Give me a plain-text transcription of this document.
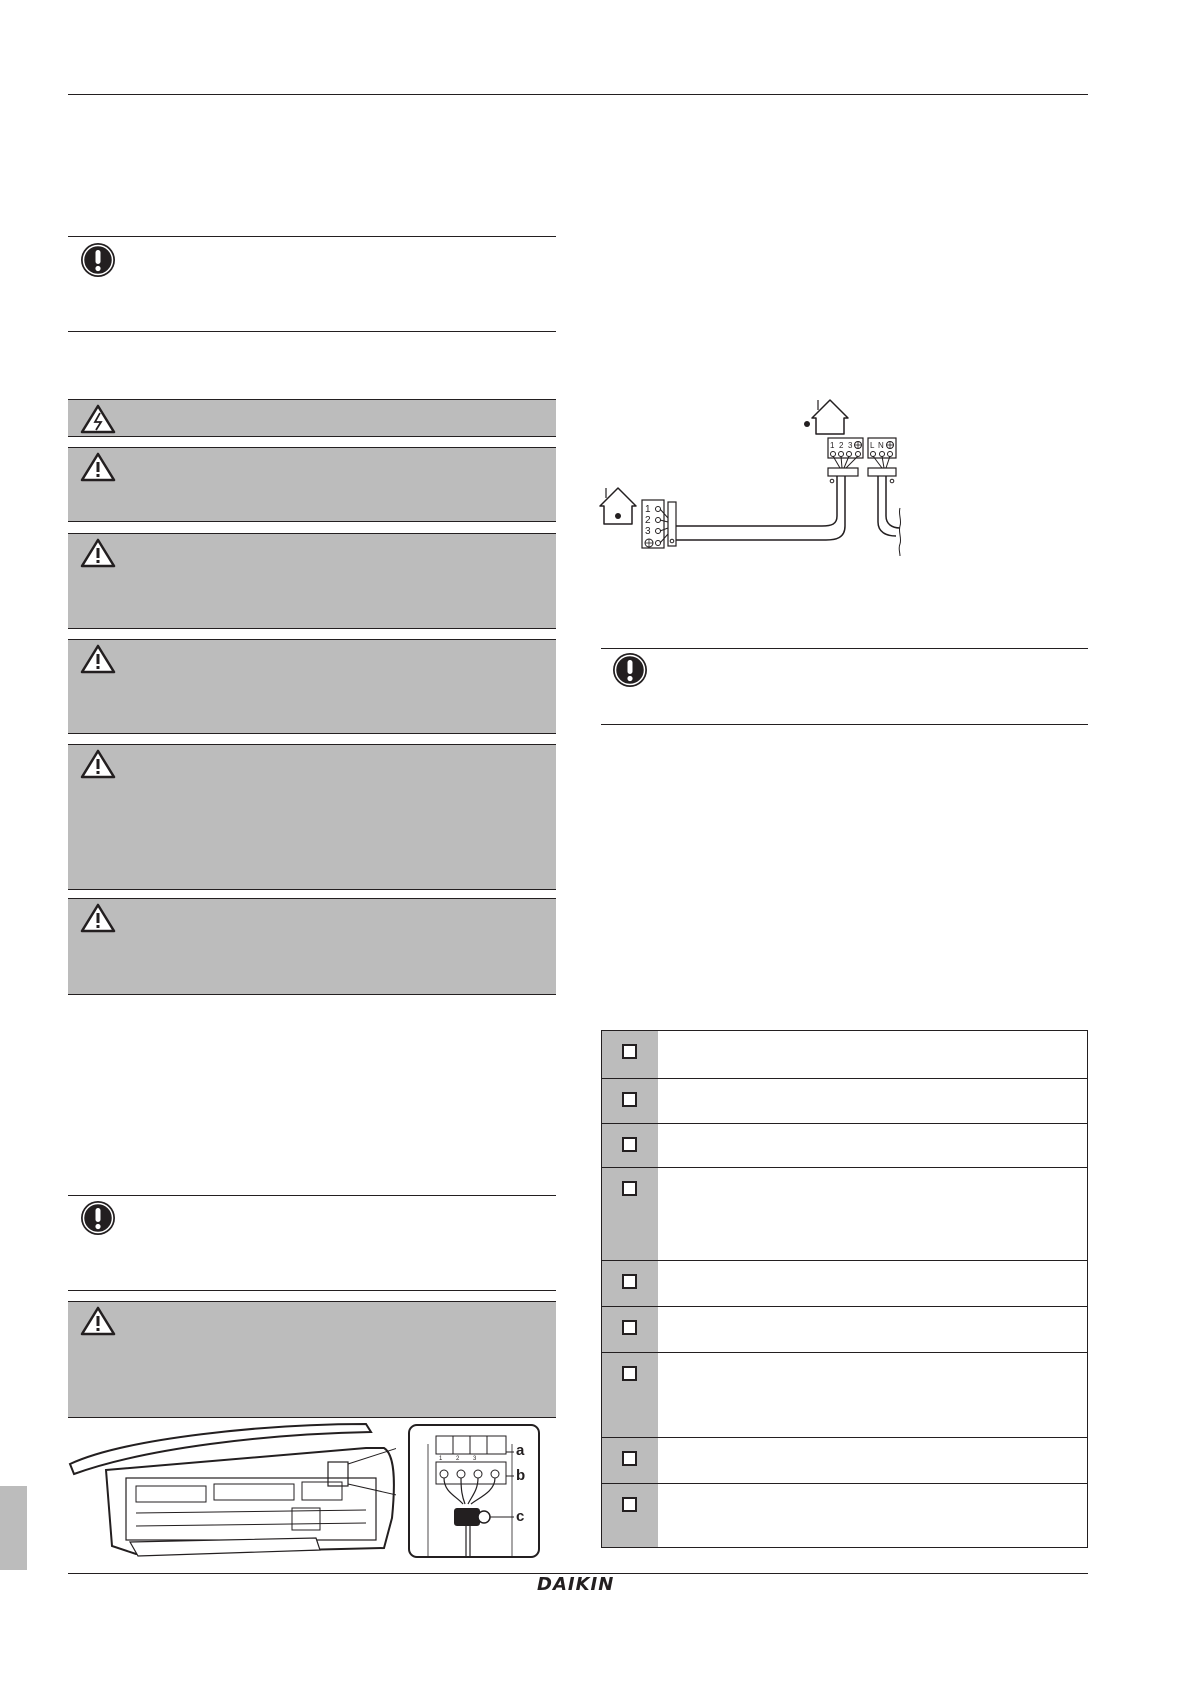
1 2 3	a
b
c
1 2 3 L N
1
2
3
DAIKIN
